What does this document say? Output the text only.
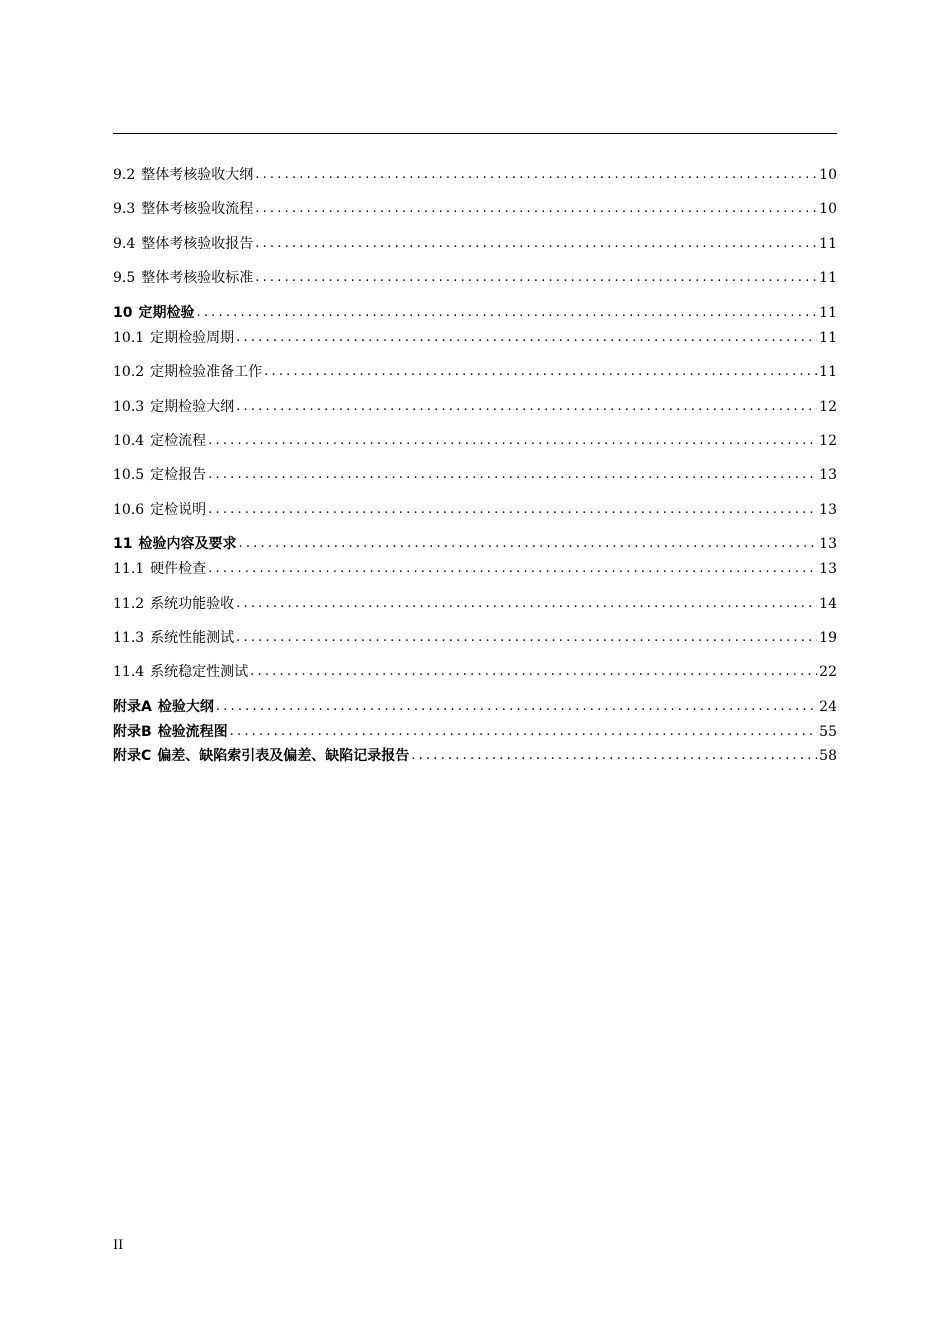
9.2 整体考核验收大纲 .....	10
9.3 整体考核验收流程 .....	10
9.4 整体考核验收报告 .....	11
9.5 整体考核验收标准 .....	11
10 定期检验 .....	11
10.1 定期检验周期 .....	11
10.2 定期检验准备工作 .....	11
10.3 定期检验大纲 .....	12
10.4 定检流程 .....	12
10.5 定检报告 .....	13
10.6 定检说明 .....	13
11 检验内容及要求 .....	13
11.1 硬件检查 .....	13
11.2 系统功能验收 .....	14
11.3 系统性能测试 .....	19
11.4 系统稳定性测试 .....	22
附录A 检验大纲 .....	24
附录B 检验流程图 .....	55
附录C 偏差、缺陷索引表及偏差、缺陷记录报告 .....	58
II
